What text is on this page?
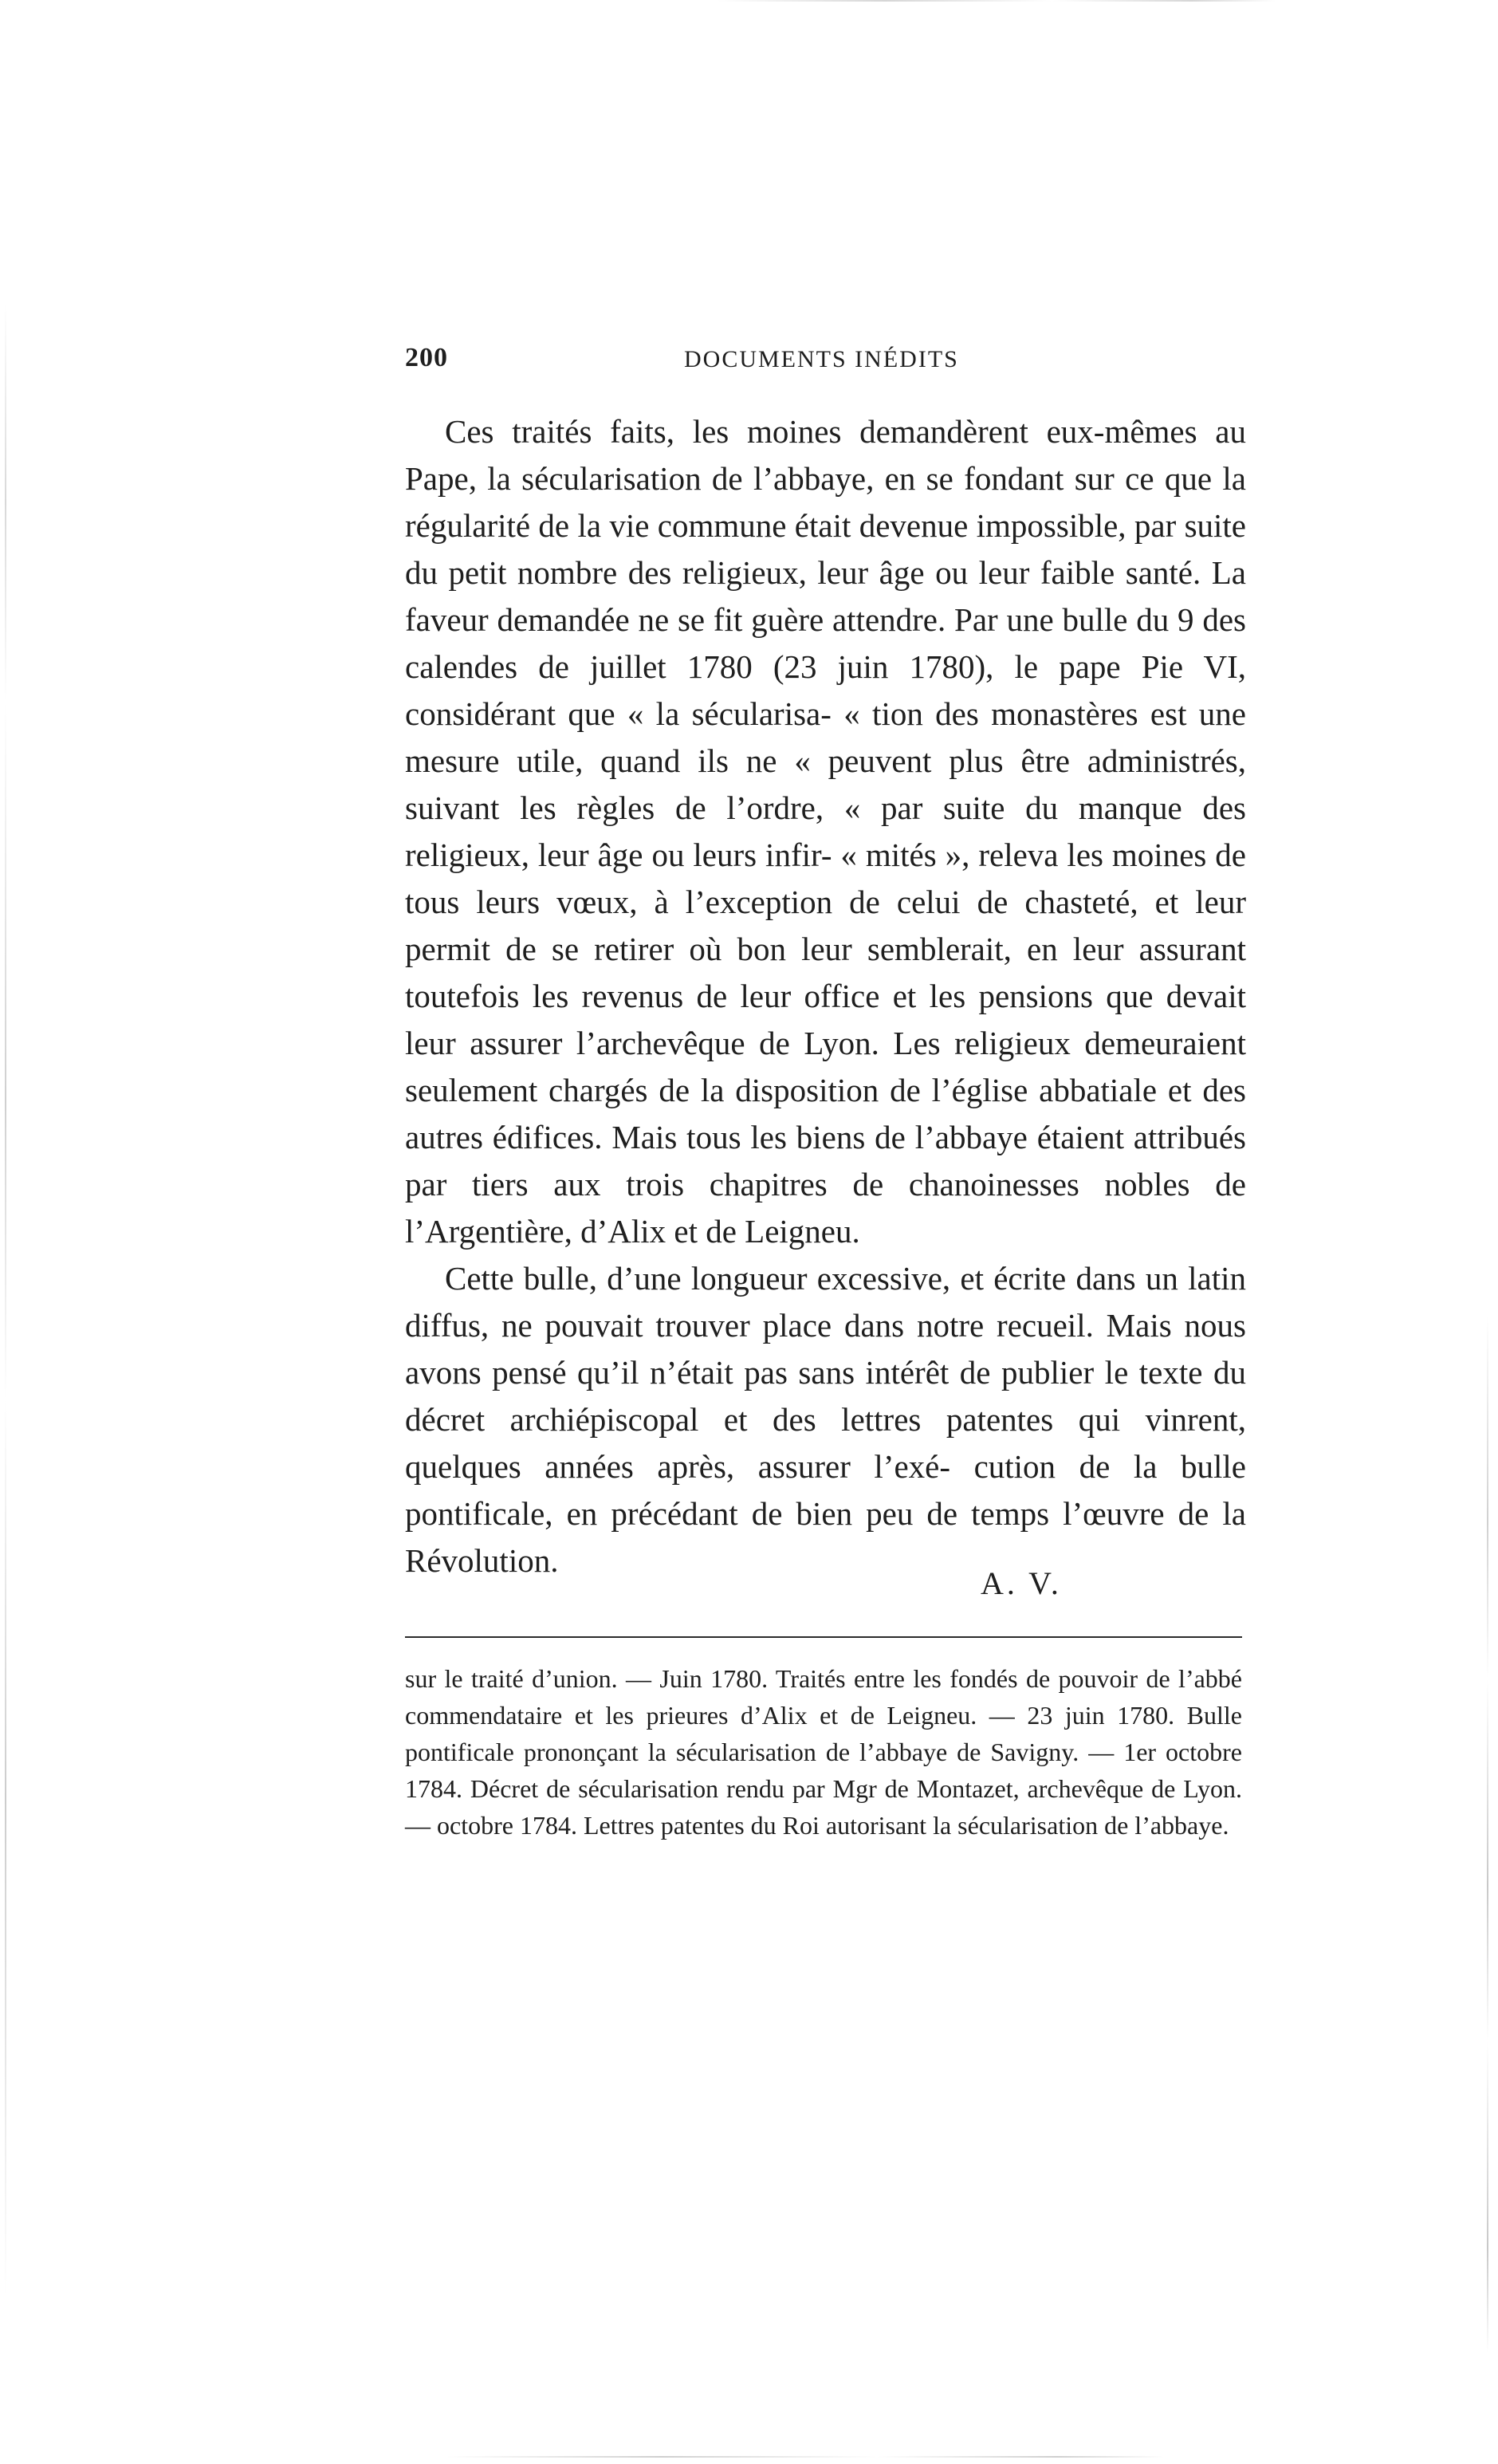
200	DOCUMENTS INÉDITS

Ces traités faits, les moines demandèrent eux-mêmes au Pape, la sécularisation de l’abbaye, en se fondant sur ce que la régularité de la vie commune était devenue impossible, par suite du petit nombre des religieux, leur âge ou leur faible santé. La faveur demandée ne se fit guère attendre. Par une bulle du 9 des calendes de juillet 1780 (23 juin 1780), le pape Pie VI, considérant que « la sécularisa- « tion des monastères est une mesure utile, quand ils ne « peuvent plus être administrés, suivant les règles de l’ordre, « par suite du manque des religieux, leur âge ou leurs infir- « mités », releva les moines de tous leurs vœux, à l’exception de celui de chasteté, et leur permit de se retirer où bon leur semblerait, en leur assurant toutefois les revenus de leur office et les pensions que devait leur assurer l’archevêque de Lyon. Les religieux demeuraient seulement chargés de la disposition de l’église abbatiale et des autres édifices. Mais tous les biens de l’abbaye étaient attribués par tiers aux trois chapitres de chanoinesses nobles de l’Argentière, d’Alix et de Leigneu.

Cette bulle, d’une longueur excessive, et écrite dans un latin diffus, ne pouvait trouver place dans notre recueil. Mais nous avons pensé qu’il n’était pas sans intérêt de publier le texte du décret archiépiscopal et des lettres patentes qui vinrent, quelques années après, assurer l’exé- cution de la bulle pontificale, en précédant de bien peu de temps l’œuvre de la Révolution.

A. V.

sur le traité d’union. — Juin 1780. Traités entre les fondés de pouvoir de l’abbé commendataire et les prieures d’Alix et de Leigneu. — 23 juin 1780. Bulle pontificale prononçant la sécularisation de l’abbaye de Savigny. — 1er octobre 1784. Décret de sécularisation rendu par Mgr de Montazet, archevêque de Lyon. — octobre 1784. Lettres patentes du Roi autorisant la sécularisation de l’abbaye.
